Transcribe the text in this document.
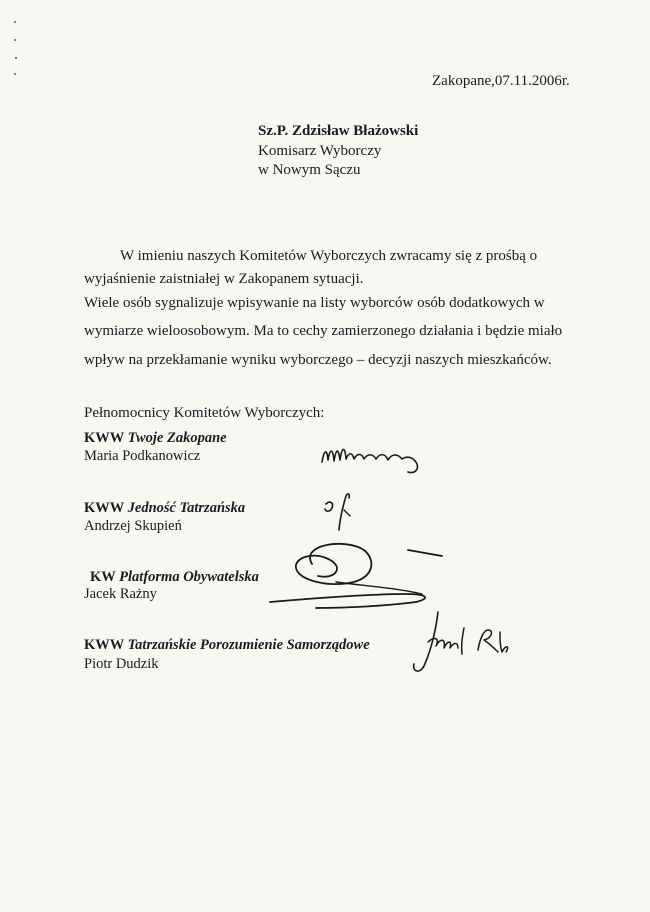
Zakopane,07.11.2006r.
Sz.P. Zdzisław Błażowski
Komisarz Wyborczy
w Nowym Sączu
W imieniu naszych Komitetów Wyborczych zwracamy się z prośbą o
wyjaśnienie zaistniałej w Zakopanem sytuacji.
Wiele osób sygnalizuje wpisywanie na listy wyborców osób dodatkowych w
wymiarze wieloosobowym. Ma to cechy zamierzonego działania i będzie miało
wpływ na przekłamanie wyniku wyborczego – decyzji naszych mieszkańców.
Pełnomocnicy Komitetów Wyborczych:
KWW Twoje Zakopane
Maria Podkanowicz
KWW Jedność Tatrzańska
Andrzej Skupień
KW Platforma Obywatelska
Jacek Rażny
KWW Tatrzańskie Porozumienie Samorządowe
Piotr Dudzik
